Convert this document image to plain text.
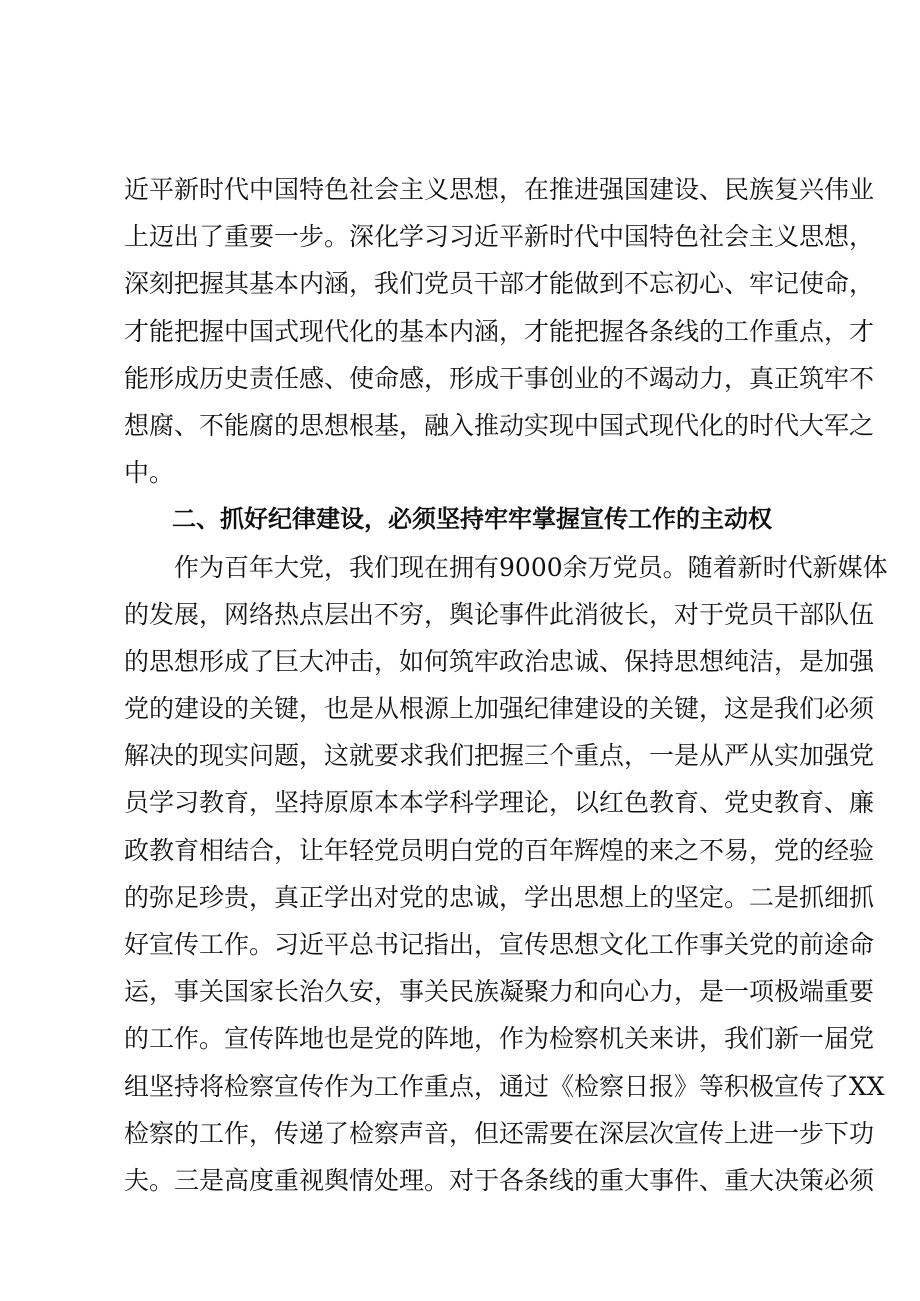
近平新时代中国特色社会主义思想，在推进强国建设、民族复兴伟业
上迈出了重要一步。深化学习习近平新时代中国特色社会主义思想，
深刻把握其基本内涵，我们党员干部才能做到不忘初心、牢记使命，
才能把握中国式现代化的基本内涵，才能把握各条线的工作重点，才
能形成历史责任感、使命感，形成干事创业的不竭动力，真正筑牢不
想腐、不能腐的思想根基，融入推动实现中国式现代化的时代大军之
中。
二、抓好纪律建设，必须坚持牢牢掌握宣传工作的主动权
作为百年大党，我们现在拥有9000余万党员。随着新时代新媒体
的发展，网络热点层出不穷，舆论事件此消彼长，对于党员干部队伍
的思想形成了巨大冲击，如何筑牢政治忠诚、保持思想纯洁，是加强
党的建设的关键，也是从根源上加强纪律建设的关键，这是我们必须
解决的现实问题，这就要求我们把握三个重点，一是从严从实加强党
员学习教育，坚持原原本本学科学理论，以红色教育、党史教育、廉
政教育相结合，让年轻党员明白党的百年辉煌的来之不易，党的经验
的弥足珍贵，真正学出对党的忠诚，学出思想上的坚定。二是抓细抓
好宣传工作。习近平总书记指出，宣传思想文化工作事关党的前途命
运，事关国家长治久安，事关民族凝聚力和向心力，是一项极端重要
的工作。宣传阵地也是党的阵地，作为检察机关来讲，我们新一届党
组坚持将检察宣传作为工作重点，通过《检察日报》等积极宣传了XX
检察的工作，传递了检察声音，但还需要在深层次宣传上进一步下功
夫。三是高度重视舆情处理。对于各条线的重大事件、重大决策必须
